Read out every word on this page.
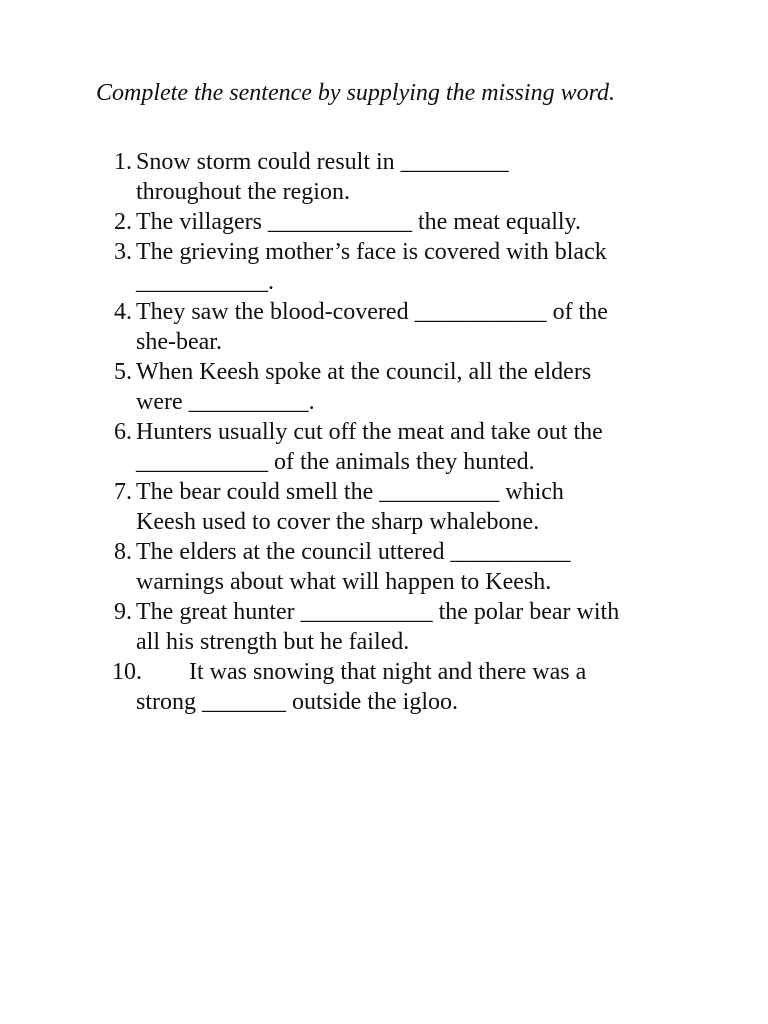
Complete the sentence by supplying the missing word.
1. Snow storm could result in _________
throughout the region.
2. The villagers ____________ the meat equally.
3. The grieving mother’s face is covered with black
___________.
4. They saw the blood-covered ___________ of the
she-bear.
5. When Keesh spoke at the council, all the elders
were __________.
6. Hunters usually cut off the meat and take out the
___________ of the animals they hunted.
7. The bear could smell the __________ which
Keesh used to cover the sharp whalebone.
8. The elders at the council uttered __________
warnings about what will happen to Keesh.
9. The great hunter ___________ the polar bear with
all his strength but he failed.
10.	It was snowing that night and there was a
strong _______ outside the igloo.
